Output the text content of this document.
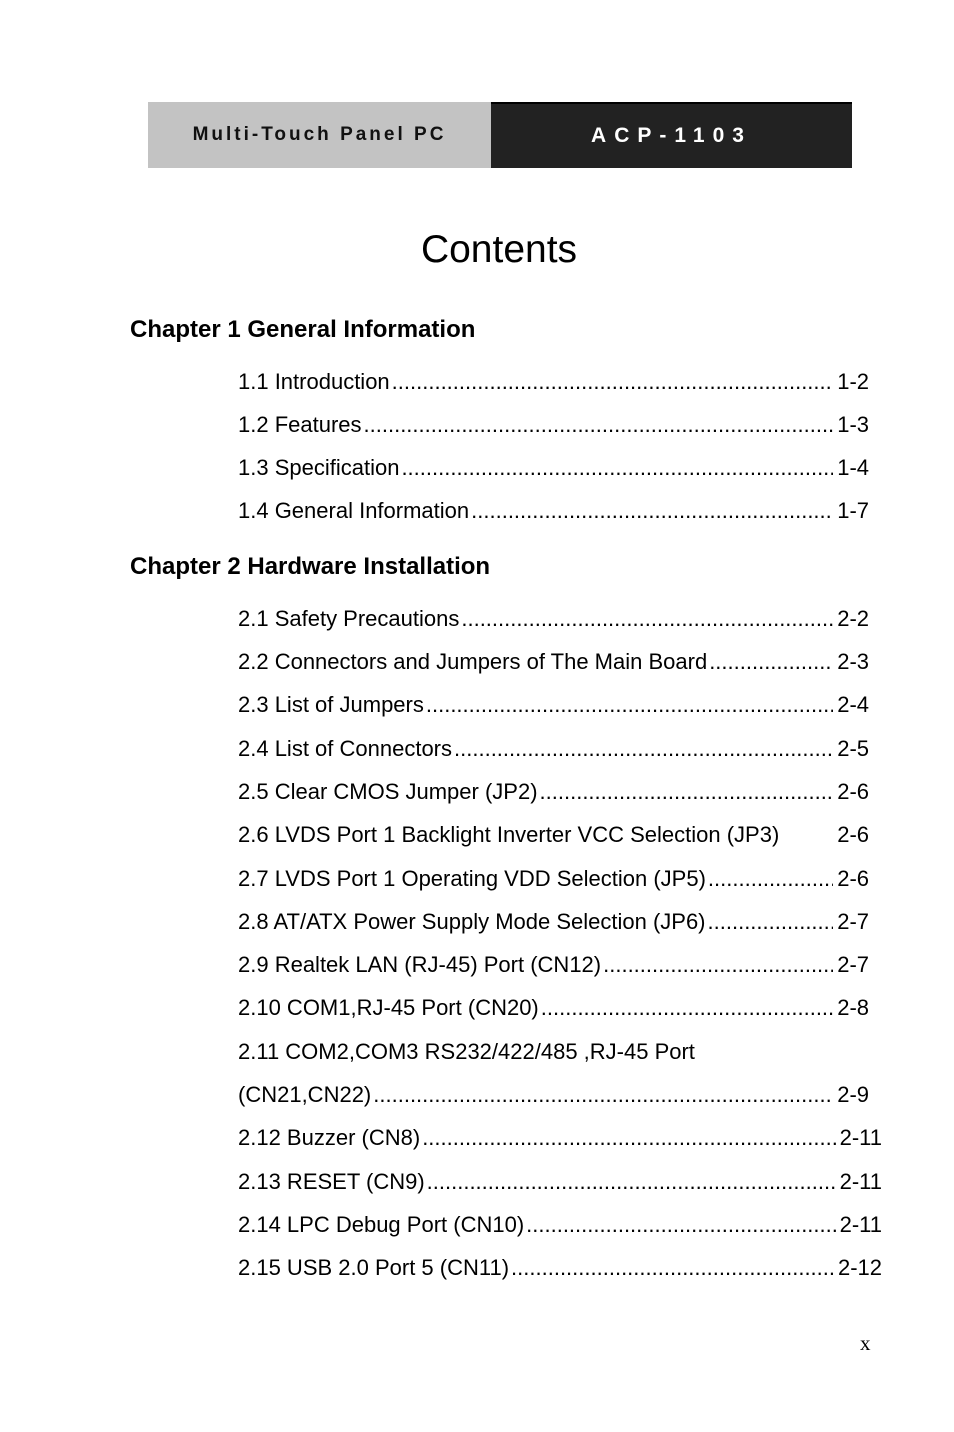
Multi-Touch Panel PC	ACP-1103
Contents
Chapter 1 General Information
1.1 Introduction .....	1-2
1.2 Features .....	1-3
1.3 Specification .....	1-4
1.4 General Information .....	1-7
Chapter 2 Hardware Installation
2.1 Safety Precautions .....	2-2
2.2 Connectors and Jumpers of The Main Board .....	2-3
2.3 List of Jumpers .....	2-4
2.4 List of Connectors .....	2-5
2.5 Clear CMOS Jumper (JP2) .....	2-6
2.6 LVDS Port 1 Backlight Inverter VCC Selection (JP3)	2-6
2.7 LVDS Port 1 Operating VDD Selection (JP5) .....	2-6
2.8 AT/ATX Power Supply Mode Selection (JP6) .....	2-7
2.9 Realtek LAN (RJ-45) Port (CN12) .....	2-7
2.10 COM1,RJ-45 Port (CN20) .....	2-8
2.11 COM2,COM3 RS232/422/485 ,RJ-45 Port
(CN21,CN22) .....	2-9
2.12 Buzzer (CN8) .....	2-11
2.13 RESET (CN9) .....	2-11
2.14 LPC Debug Port (CN10) .....	2-11
2.15 USB 2.0 Port 5 (CN11) .....	2-12
x
